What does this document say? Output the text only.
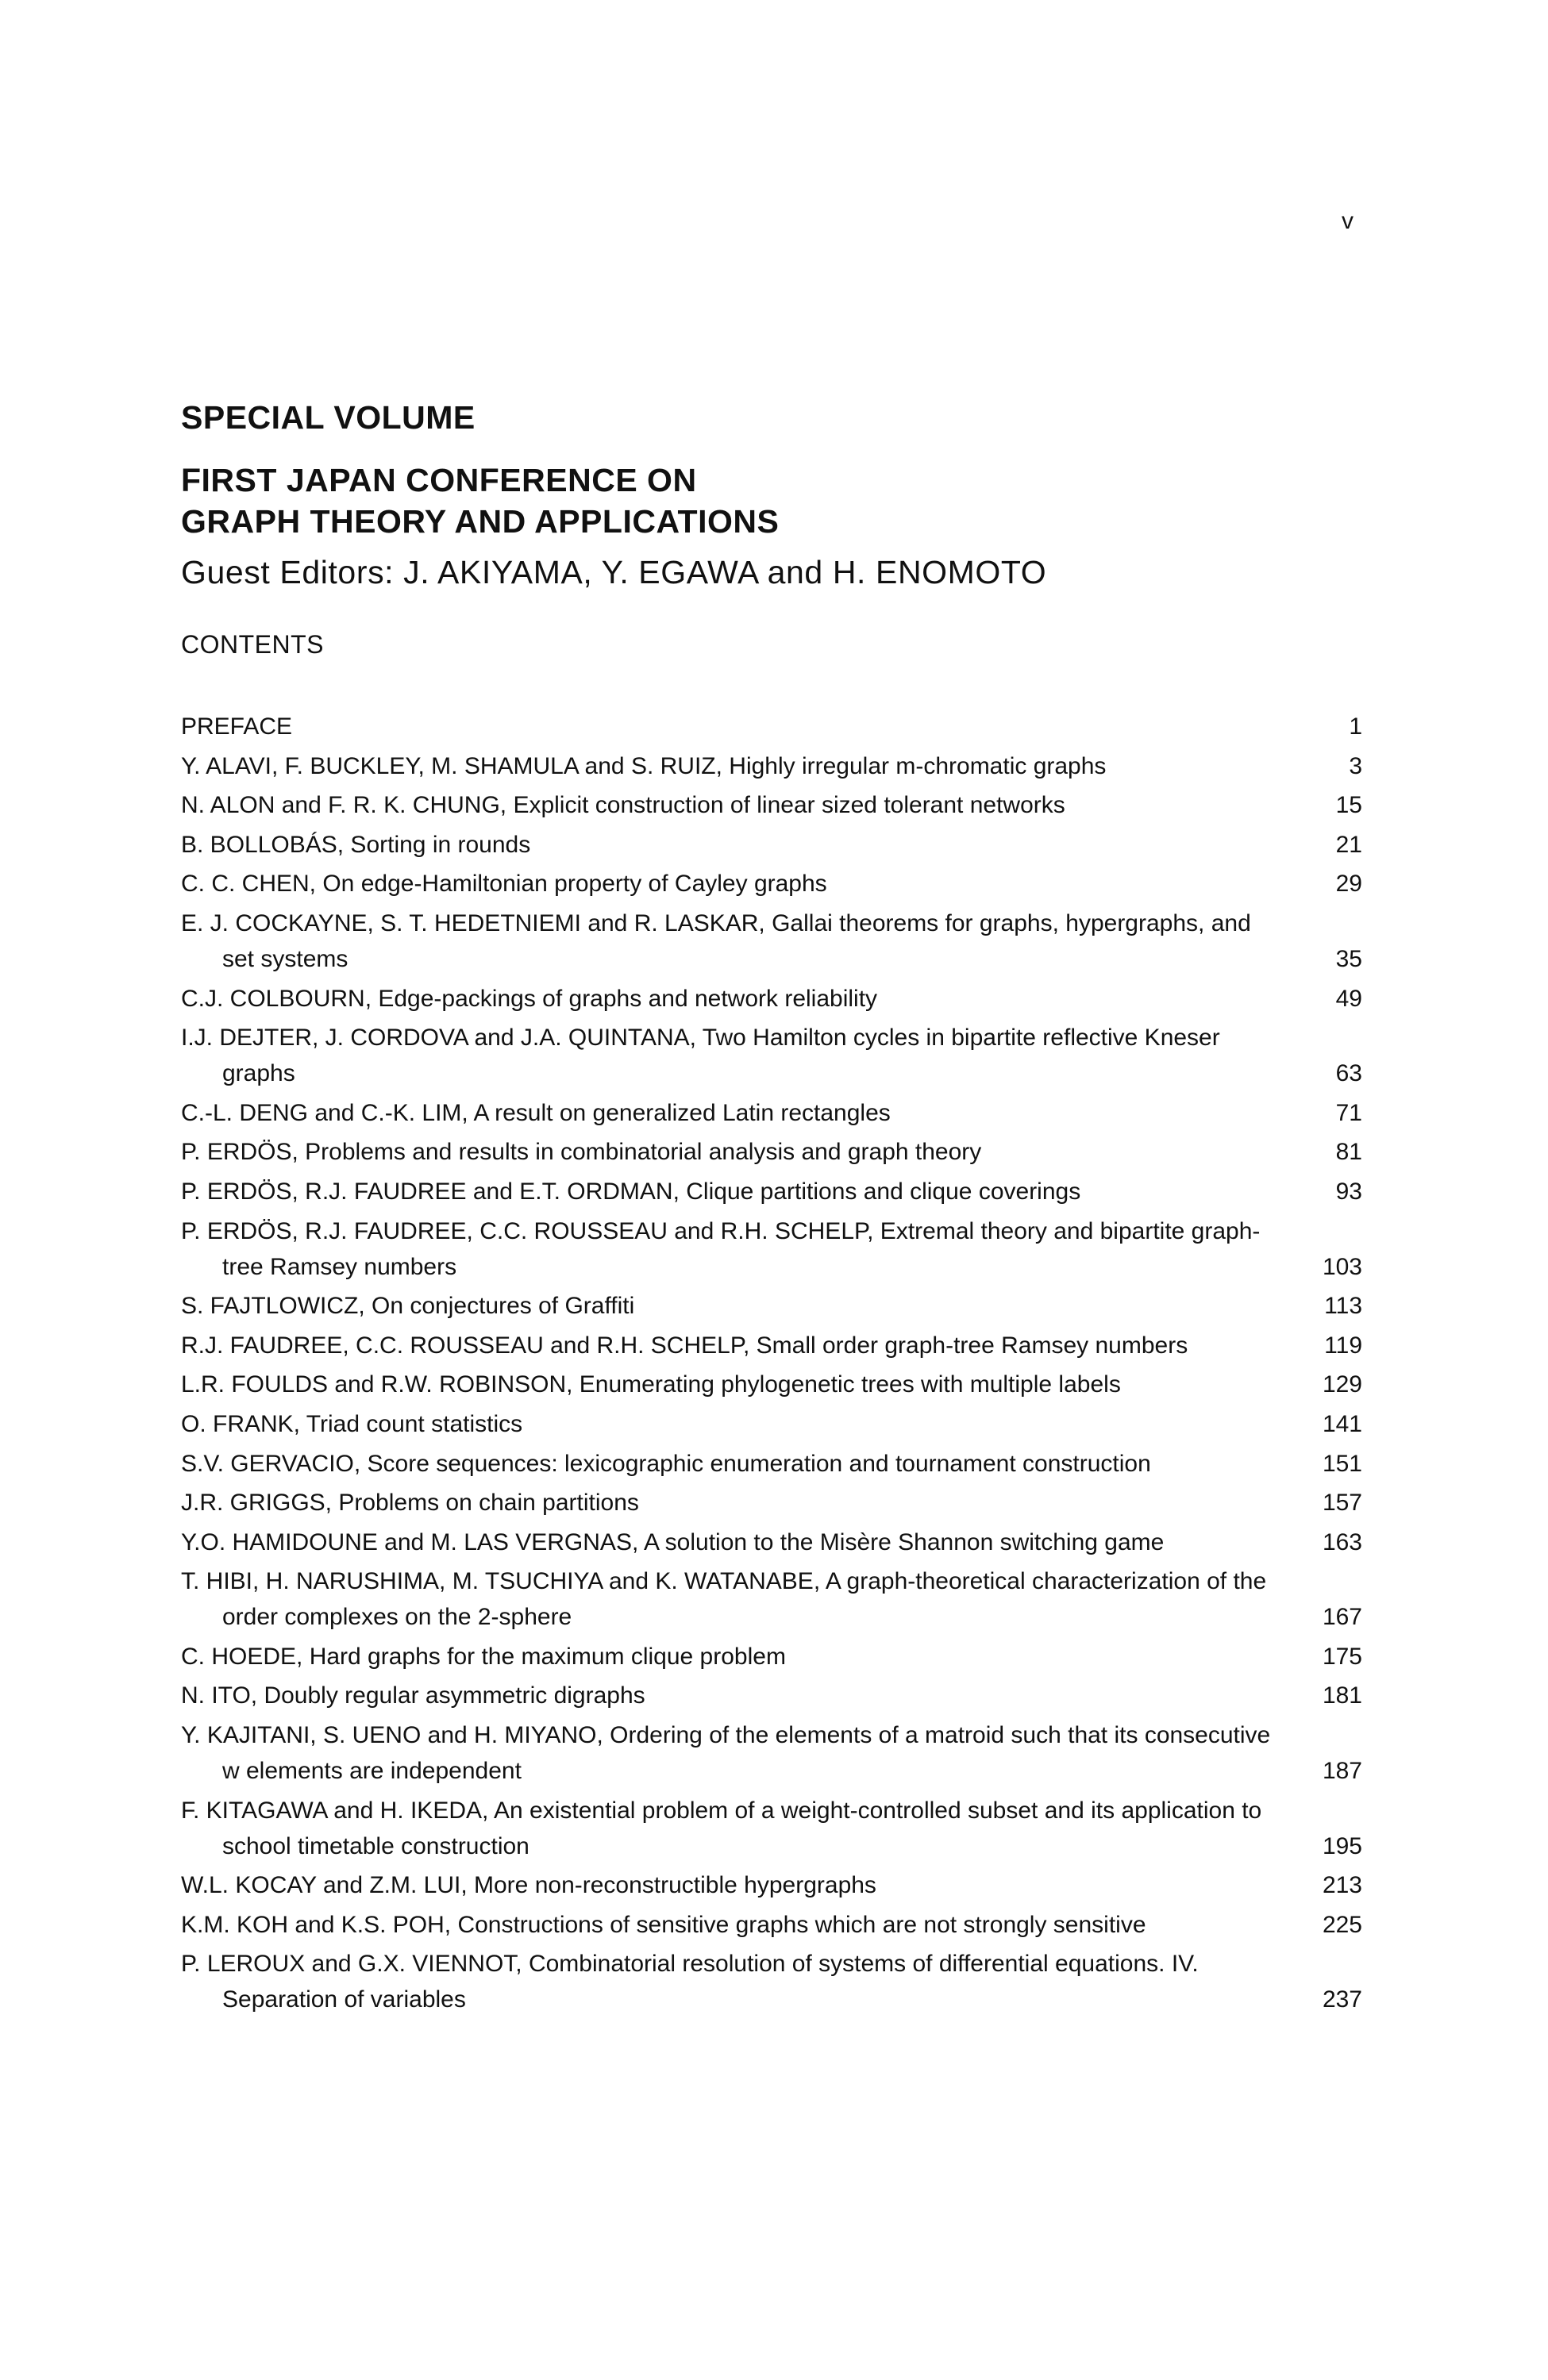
v
SPECIAL VOLUME
FIRST JAPAN CONFERENCE ON
GRAPH THEORY AND APPLICATIONS
Guest Editors: J. AKIYAMA, Y. EGAWA and H. ENOMOTO
CONTENTS
PREFACE	1
Y. ALAVI, F. BUCKLEY, M. SHAMULA and S. RUIZ, Highly irregular m-chromatic graphs	3
N. ALON and F. R. K. CHUNG, Explicit construction of linear sized tolerant networks	15
B. BOLLOBÁS, Sorting in rounds	21
C. C. CHEN, On edge-Hamiltonian property of Cayley graphs	29
E. J. COCKAYNE, S. T. HEDETNIEMI and R. LASKAR, Gallai theorems for graphs, hypergraphs, and set systems	35
C.J. COLBOURN, Edge-packings of graphs and network reliability	49
I.J. DEJTER, J. CORDOVA and J.A. QUINTANA, Two Hamilton cycles in bipartite reflective Kneser graphs	63
C.-L. DENG and C.-K. LIM, A result on generalized Latin rectangles	71
P. ERDÖS, Problems and results in combinatorial analysis and graph theory	81
P. ERDÖS, R.J. FAUDREE and E.T. ORDMAN, Clique partitions and clique coverings	93
P. ERDÖS, R.J. FAUDREE, C.C. ROUSSEAU and R.H. SCHELP, Extremal theory and bipartite graph-tree Ramsey numbers	103
S. FAJTLOWICZ, On conjectures of Graffiti	113
R.J. FAUDREE, C.C. ROUSSEAU and R.H. SCHELP, Small order graph-tree Ramsey numbers	119
L.R. FOULDS and R.W. ROBINSON, Enumerating phylogenetic trees with multiple labels	129
O. FRANK, Triad count statistics	141
S.V. GERVACIO, Score sequences: lexicographic enumeration and tournament construction	151
J.R. GRIGGS, Problems on chain partitions	157
Y.O. HAMIDOUNE and M. LAS VERGNAS, A solution to the Misère Shannon switching game	163
T. HIBI, H. NARUSHIMA, M. TSUCHIYA and K. WATANABE, A graph-theoretical characterization of the order complexes on the 2-sphere	167
C. HOEDE, Hard graphs for the maximum clique problem	175
N. ITO, Doubly regular asymmetric digraphs	181
Y. KAJITANI, S. UENO and H. MIYANO, Ordering of the elements of a matroid such that its consecutive w elements are independent	187
F. KITAGAWA and H. IKEDA, An existential problem of a weight-controlled subset and its application to school timetable construction	195
W.L. KOCAY and Z.M. LUI, More non-reconstructible hypergraphs	213
K.M. KOH and K.S. POH, Constructions of sensitive graphs which are not strongly sensitive	225
P. LEROUX and G.X. VIENNOT, Combinatorial resolution of systems of differential equations. IV. Separation of variables	237
